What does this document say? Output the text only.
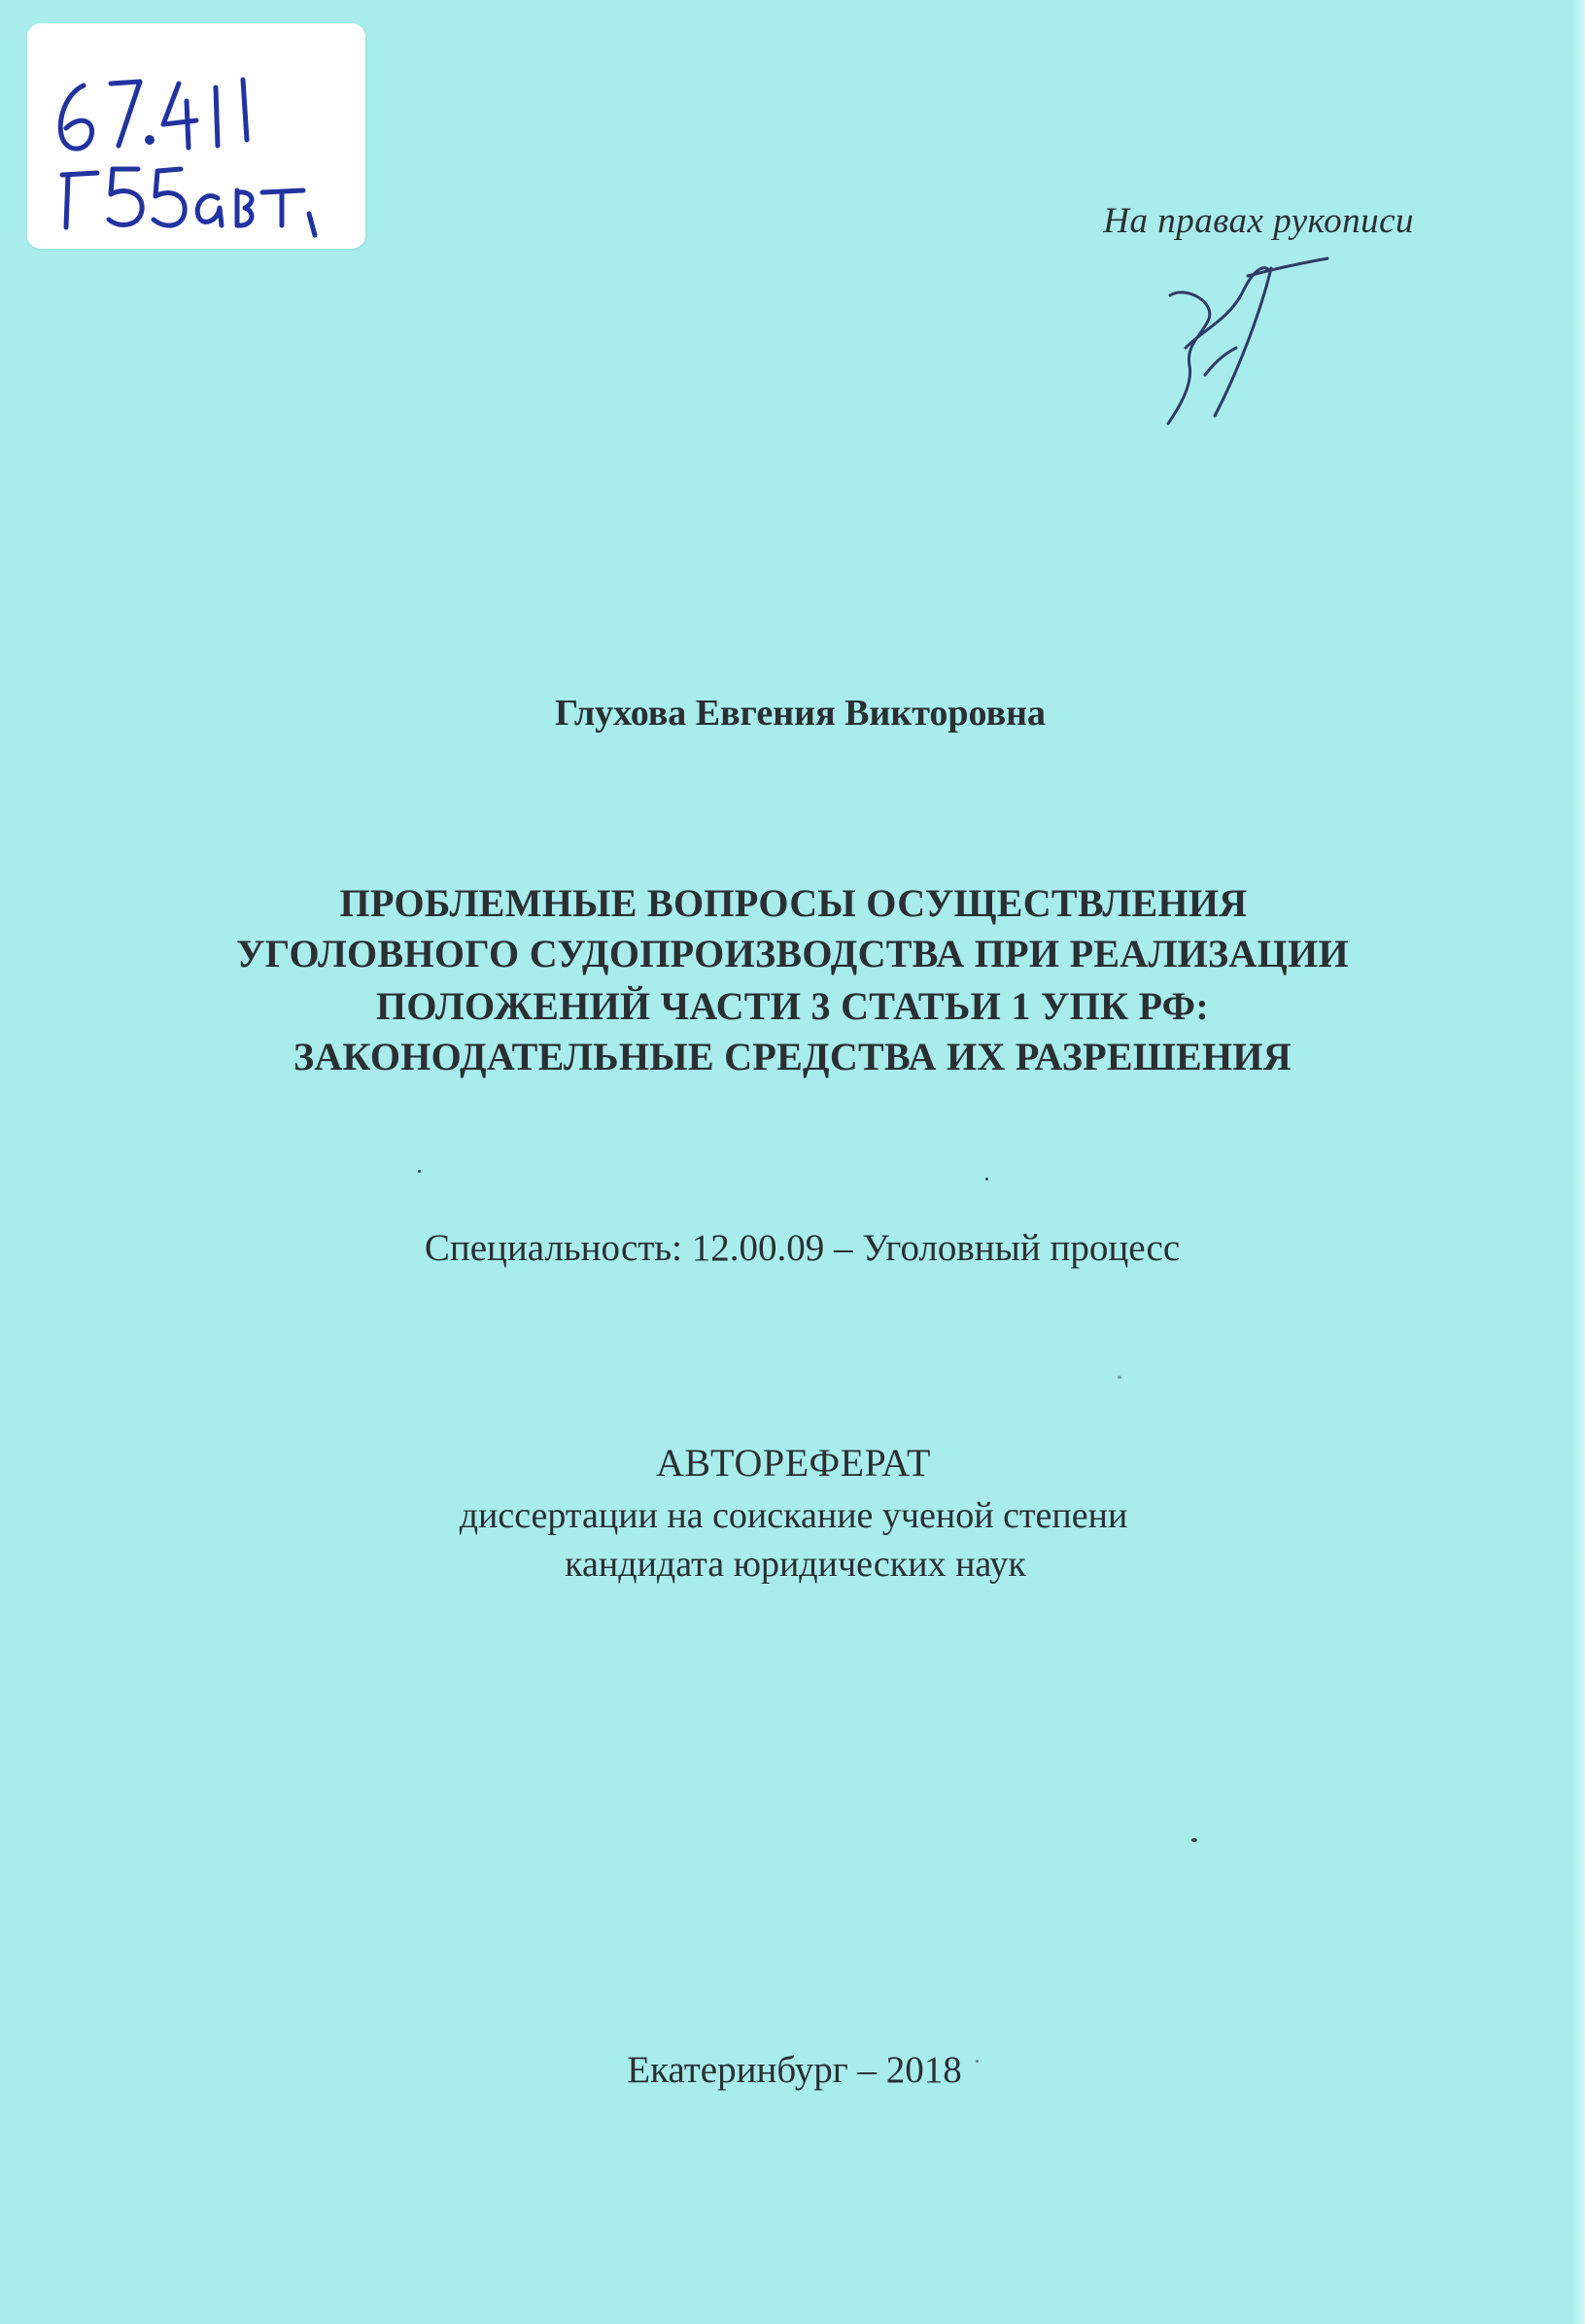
На правах рукописи
Глухова Евгения Викторовна
ПРОБЛЕМНЫЕ ВОПРОСЫ ОСУЩЕСТВЛЕНИЯ
УГОЛОВНОГО СУДОПРОИЗВОДСТВА ПРИ РЕАЛИЗАЦИИ
ПОЛОЖЕНИЙ ЧАСТИ 3 СТАТЬИ 1 УПК РФ:
ЗАКОНОДАТЕЛЬНЫЕ СРЕДСТВА ИХ РАЗРЕШЕНИЯ
Специальность: 12.00.09 – Уголовный процесс
АВТОРЕФЕРАТ
диссертации на соискание ученой степени
кандидата юридических наук
Екатеринбург – 2018
